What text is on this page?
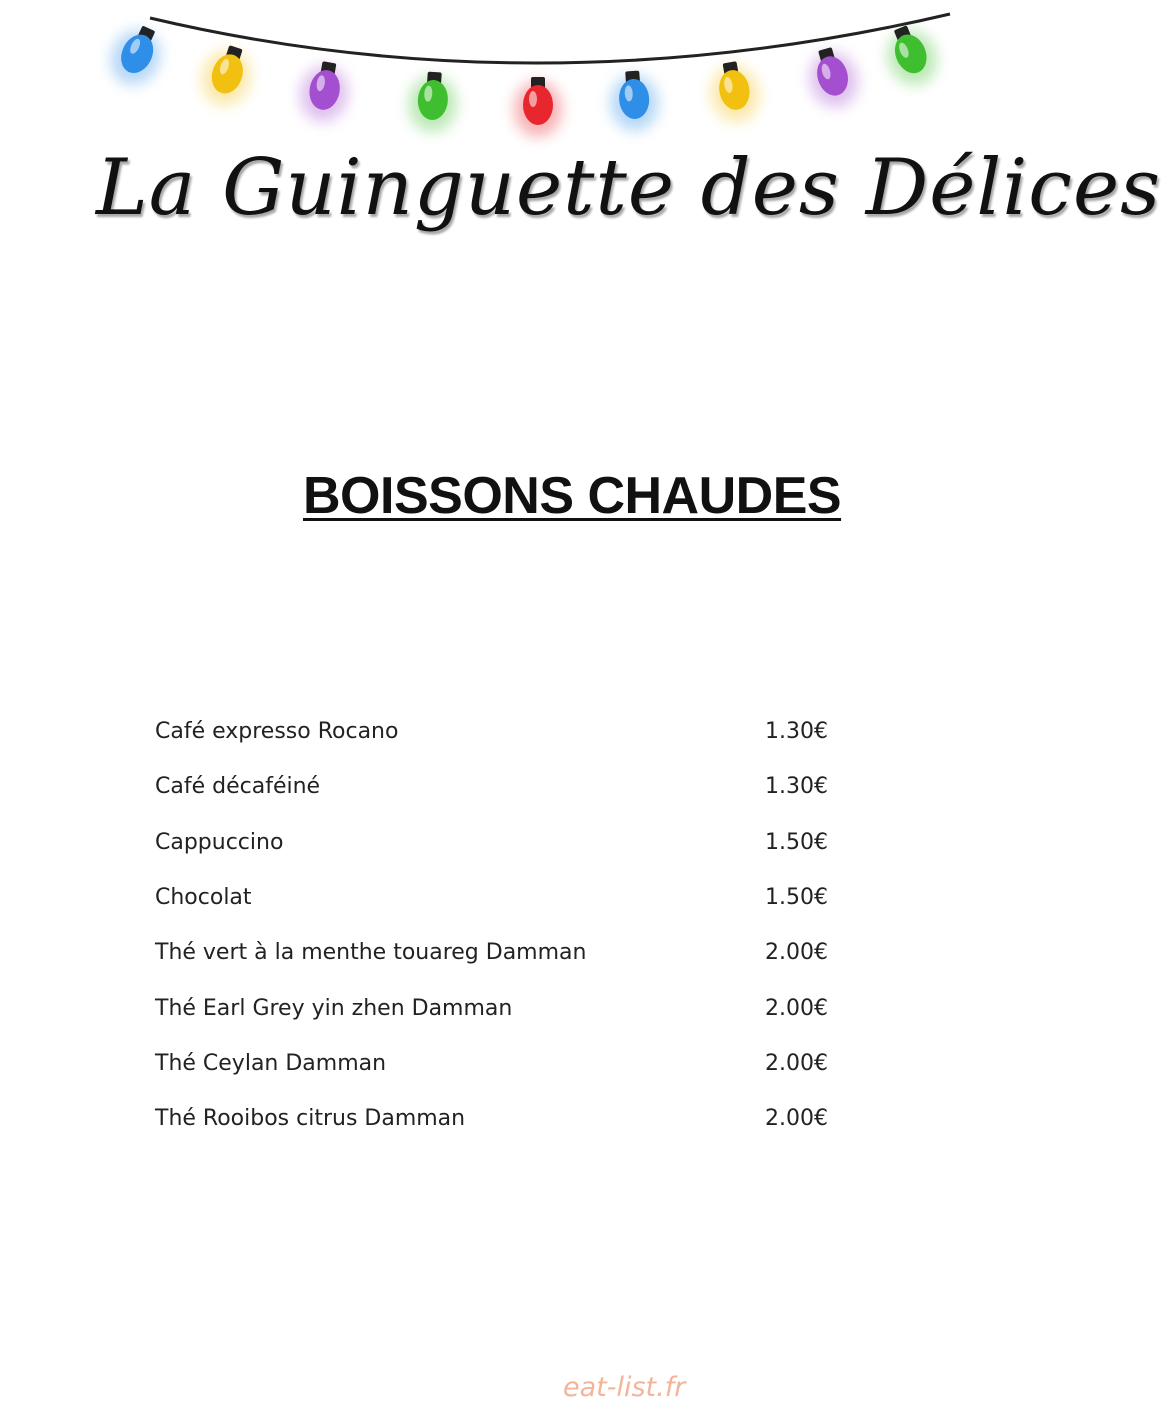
La Guinguette des Délices
BOISSONS CHAUDES
Café expresso Rocano	1.30€
Café décaféiné	1.30€
Cappuccino	1.50€
Chocolat	1.50€
Thé vert à la menthe touareg Damman	2.00€
Thé Earl Grey yin zhen Damman	2.00€
Thé Ceylan Damman	2.00€
Thé Rooibos citrus Damman	2.00€
eat-list.fr
